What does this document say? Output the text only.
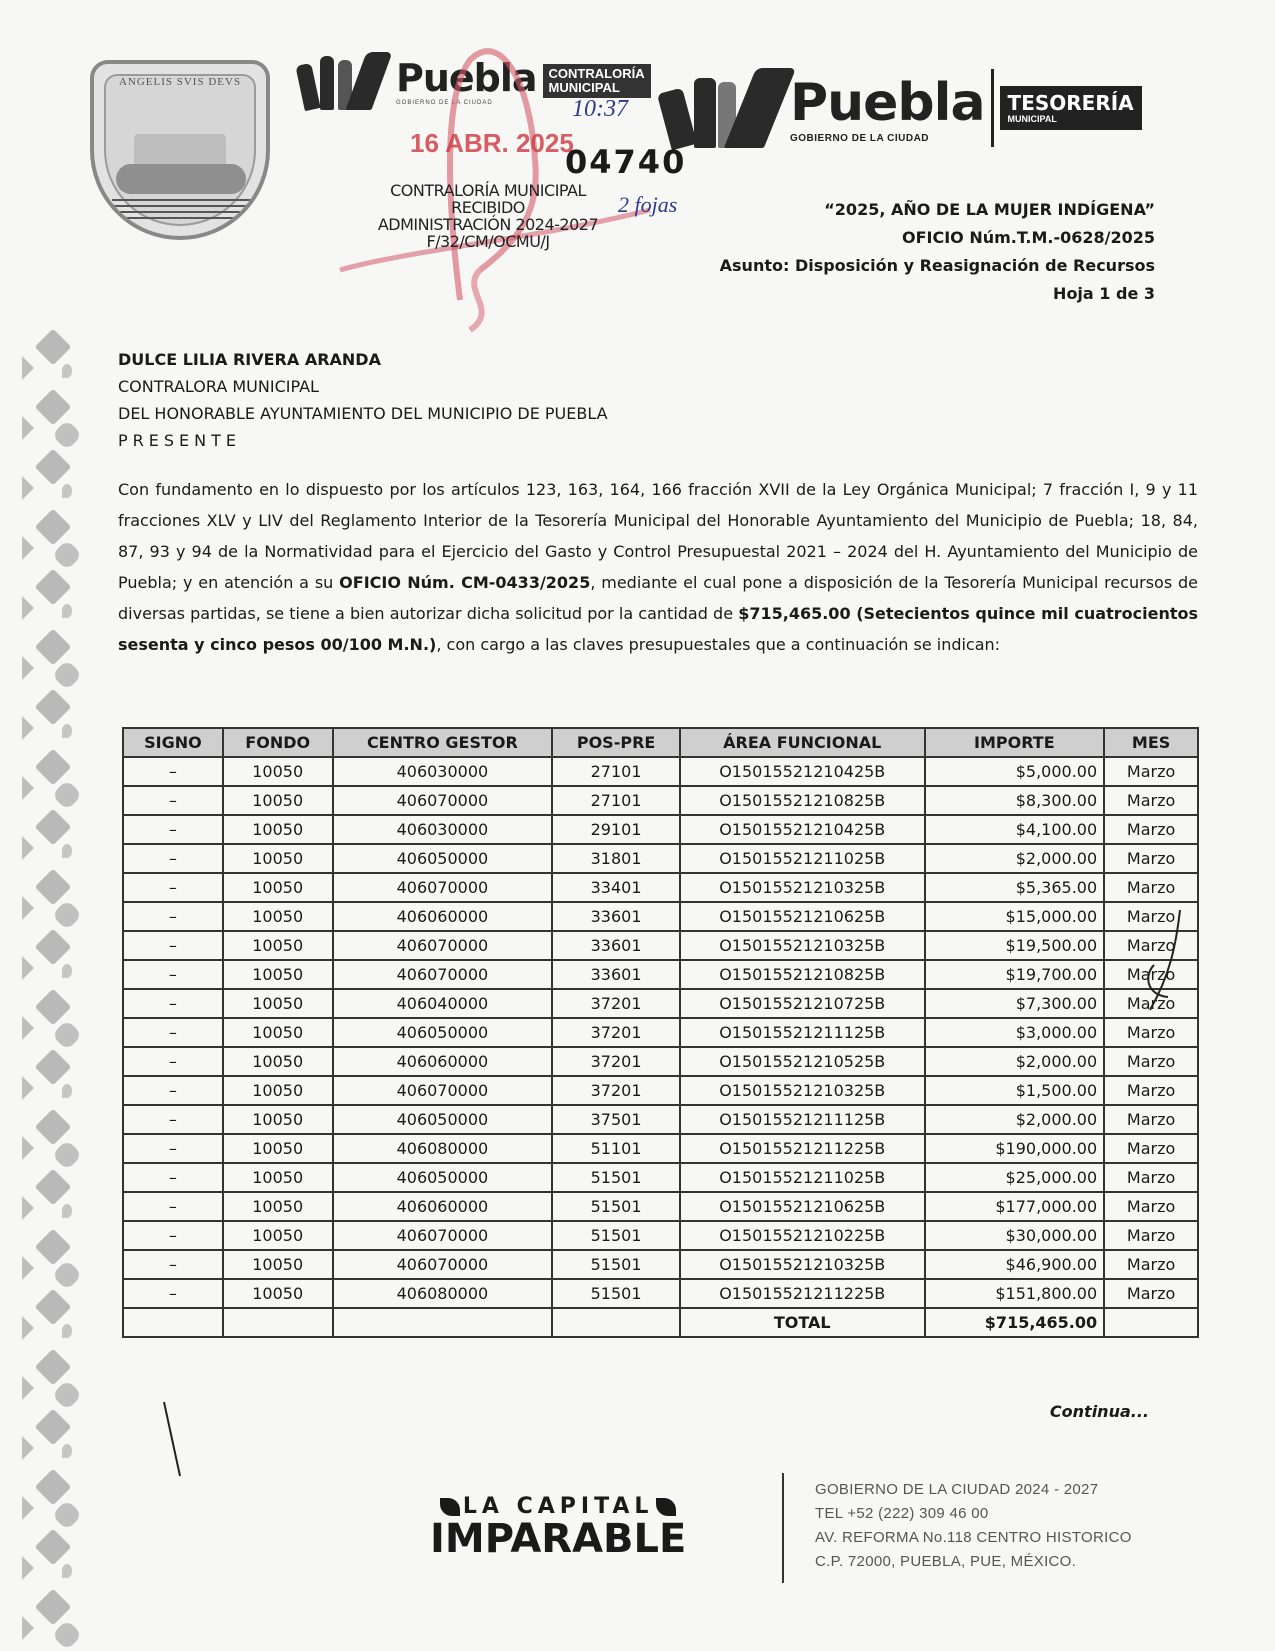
ANGELIS SVIS DEVS	Puebla
GOBIERNO DE LA CIUDAD
CONTRALORÍA
MUNICIPAL	Puebla
GOBIERNO DE LA CIUDAD
TESORERÍA
MUNICIPAL
16 ABR. 2025
10:37
04740
2 fojas
CONTRALORÍA MUNICIPAL
RECIBIDO
ADMINISTRACIÓN 2024-2027
F/32/CM/OCMU/J
“2025, AÑO DE LA MUJER INDÍGENA”
OFICIO Núm.T.M.-0628/2025
Asunto: Disposición y Reasignación de Recursos
Hoja 1 de 3
DULCE LILIA RIVERA ARANDA
CONTRALORA MUNICIPAL
DEL HONORABLE AYUNTAMIENTO DEL MUNICIPIO DE PUEBLA
PRESENTE

Con fundamento en lo dispuesto por los artículos 123, 163, 164, 166 fracción XVII de la Ley Orgánica Municipal; 7 fracción I, 9 y 11 fracciones XLV y LIV del Reglamento Interior de la Tesorería Municipal del Honorable Ayuntamiento del Municipio de Puebla; 18, 84, 87, 93 y 94 de la Normatividad para el Ejercicio del Gasto y Control Presupuestal 2021 – 2024 del H. Ayuntamiento del Municipio de Puebla; y en atención a su OFICIO Núm. CM-0433/2025, mediante el cual pone a disposición de la Tesorería Municipal recursos de diversas partidas, se tiene a bien autorizar dicha solicitud por la cantidad de $715,465.00 (Setecientos quince mil cuatrocientos sesenta y cinco pesos 00/100 M.N.), con cargo a las claves presupuestales que a continuación se indican:

SIGNO	FONDO	CENTRO GESTOR	POS-PRE	ÁREA FUNCIONAL	IMPORTE	MES
–	10050	406030000	27101	O15015521210425B	$5,000.00	Marzo
–	10050	406070000	27101	O15015521210825B	$8,300.00	Marzo
–	10050	406030000	29101	O15015521210425B	$4,100.00	Marzo
–	10050	406050000	31801	O15015521211025B	$2,000.00	Marzo
–	10050	406070000	33401	O15015521210325B	$5,365.00	Marzo
–	10050	406060000	33601	O15015521210625B	$15,000.00	Marzo
–	10050	406070000	33601	O15015521210325B	$19,500.00	Marzo
–	10050	406070000	33601	O15015521210825B	$19,700.00	Marzo
–	10050	406040000	37201	O15015521210725B	$7,300.00	Marzo
–	10050	406050000	37201	O15015521211125B	$3,000.00	Marzo
–	10050	406060000	37201	O15015521210525B	$2,000.00	Marzo
–	10050	406070000	37201	O15015521210325B	$1,500.00	Marzo
–	10050	406050000	37501	O15015521211125B	$2,000.00	Marzo
–	10050	406080000	51101	O15015521211225B	$190,000.00	Marzo
–	10050	406050000	51501	O15015521211025B	$25,000.00	Marzo
–	10050	406060000	51501	O15015521210625B	$177,000.00	Marzo
–	10050	406070000	51501	O15015521210225B	$30,000.00	Marzo
–	10050	406070000	51501	O15015521210325B	$46,900.00	Marzo
–	10050	406080000	51501	O15015521211225B	$151,800.00	Marzo
				TOTAL	$715,465.00	
Continua...
LA CAPITAL
IMPARABLE
GOBIERNO DE LA CIUDAD 2024 - 2027
TEL +52 (222) 309 46 00
AV. REFORMA No.118 CENTRO HISTORICO
C.P. 72000, PUEBLA, PUE, MÉXICO.
